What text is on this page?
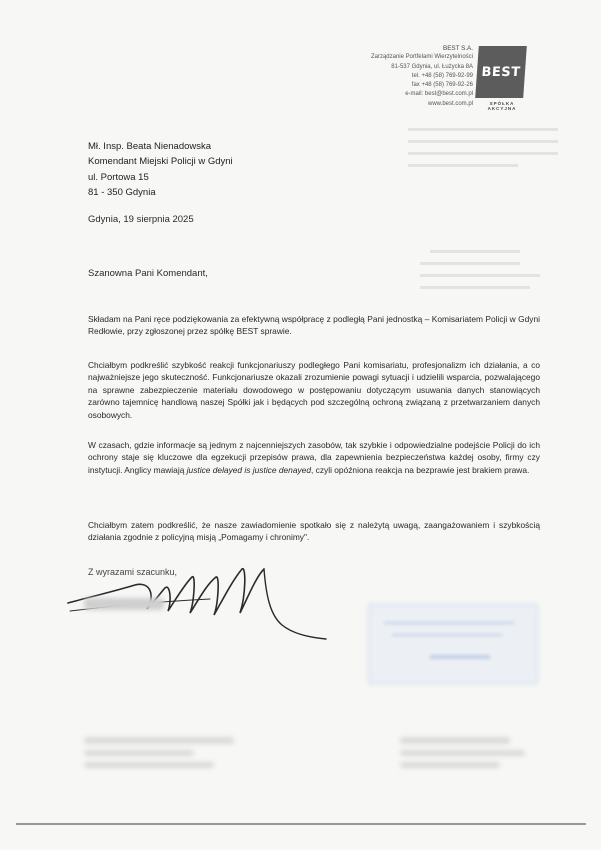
BEST S.A.
Zarządzanie Portfelami Wierzytelności
81-537 Gdynia, ul. Łużycka 8A
tel. +48 (58) 769-92-99
fax +48 (58) 769-92-26
e-mail: best@best.com.pl
www.best.com.pl
BEST
SPÓŁKA AKCYJNA
Mł. Insp. Beata Nienadowska
Komendant Miejski Policji w Gdyni
ul. Portowa 15
81 - 350 Gdynia
Gdynia, 19 sierpnia 2025
Szanowna Pani Komendant,
Składam na Pani ręce podziękowania za efektywną współpracę z podległą Pani jednostką – Komisariatem Policji w Gdyni Redłowie, przy zgłoszonej przez spółkę BEST sprawie.
Chciałbym podkreślić szybkość reakcji funkcjonariuszy podległego Pani komisariatu, profesjonalizm ich działania, a co najważniejsze jego skuteczność. Funkcjonariusze okazali zrozumienie powagi sytuacji i udzielili wsparcia, pozwalającego na sprawne zabezpieczenie materiału dowodowego w postępowaniu dotyczącym usuwania danych stanowiących zarówno tajemnicę handlową naszej Spółki jak i będących pod szczególną ochroną związaną z przetwarzaniem danych osobowych.
W czasach, gdzie informacje są jednym z najcenniejszych zasobów, tak szybkie i odpowiedzialne podejście Policji do ich ochrony staje się kluczowe dla egzekucji przepisów prawa, dla zapewnienia bezpieczeństwa każdej osoby, firmy czy instytucji. Anglicy mawiają justice delayed is justice denayed, czyli opóźniona reakcja na bezprawie jest brakiem prawa.
Chciałbym zatem podkreślić, że nasze zawiadomienie spotkało się z należytą uwagą, zaangażowaniem i szybkością działania zgodnie z policyjną misją „Pomagamy i chronimy".
Z wyrazami szacunku,
